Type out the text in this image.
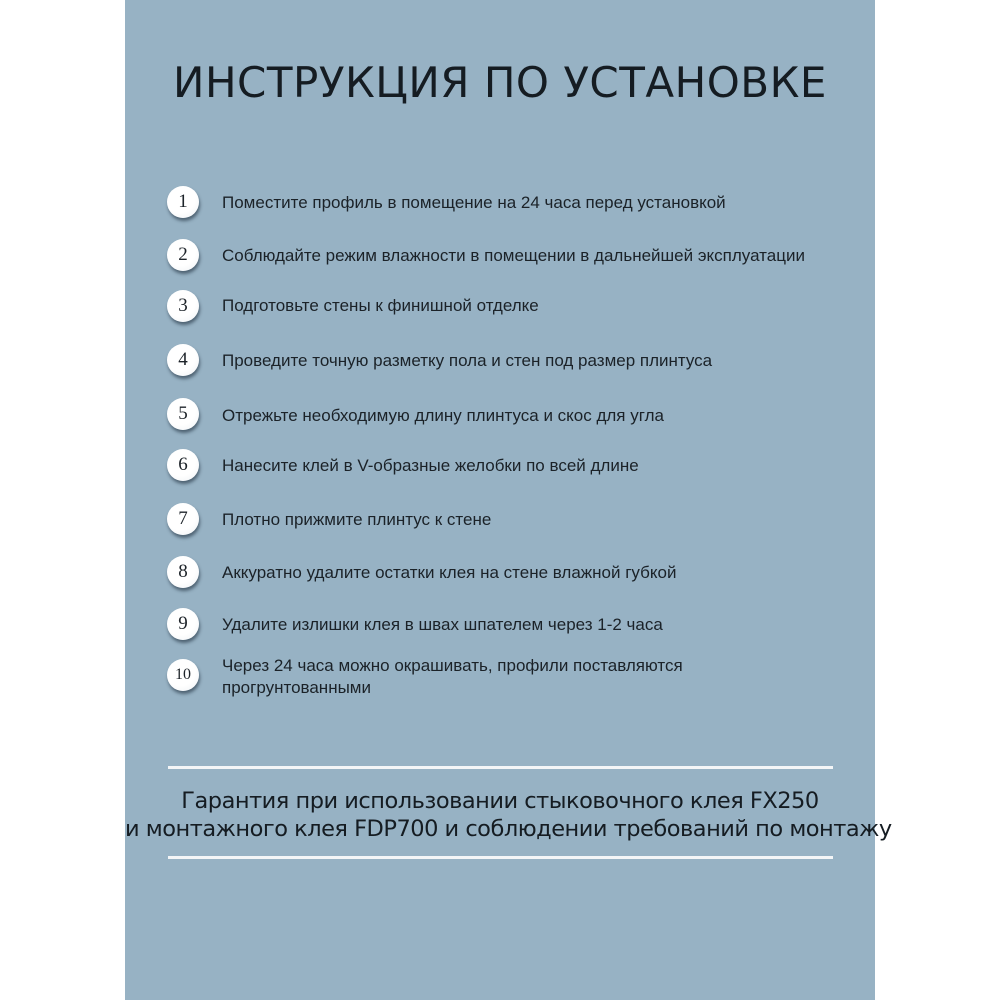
ИНСТРУКЦИЯ ПО УСТАНОВКЕ
1	Поместите профиль в помещение на 24 часа перед установкой
2	Соблюдайте режим влажности в помещении в дальнейшей эксплуатации
3	Подготовьте стены к финишной отделке
4	Проведите точную разметку пола и стен под размер плинтуса
5	Отрежьте необходимую длину плинтуса и скос для угла
6	Нанесите клей в V-образные желобки по всей длине
7	Плотно прижмите плинтус к стене
8	Аккуратно удалите остатки клея на стене влажной губкой
9	Удалите излишки клея в швах шпателем через 1-2 часа
10	Через 24 часа можно окрашивать, профили поставляются прогрунтованными
Гарантия при использовании стыковочного клея FX250
и монтажного клея FDP700 и соблюдении требований по монтажу
